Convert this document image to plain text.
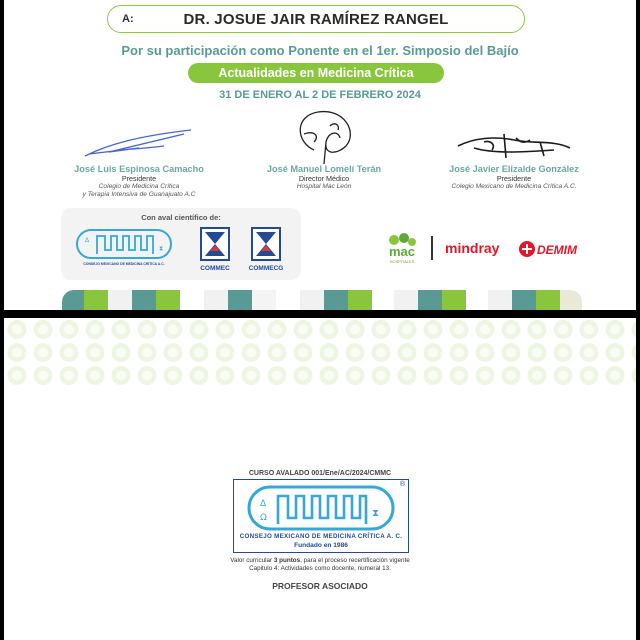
A:	DR. JOSUE JAIR RAMÍREZ RANGEL
Por su participación como Ponente en el 1er. Simposio del Bajío
Actualidades en Medicina Crítica
31 DE ENERO AL 2 DE FEBRERO 2024
José Luis Espinosa Camacho
Presidente
Colegio de Medicina Crítica
y Terapia Intensiva de Guanajuato A.C
José Manuel Lomelí Terán
Director Médico
Hospital Mac León
José Javier Elizalde González
Presidente
Colegio Mexicano de Medicina Crítica A.C.
Con aval científico de:
Δ
⧗
CONSEJO MEXICANO DE MEDICINA CRÍTICA A.C.
COMMEC	COMMECG
mac
HOSPITALES
mindray	DEMIM
CURSO AVALADO 001/Ene/AC/2024/CMMC
®
Δ
Ω	⧗
CONSEJO MEXICANO DE MEDICINA CRÍTICA A. C.
Fundado en 1986
Valor curricular 3 puntos, para el proceso recertificación vigente
Capitulo 4: Actividades como docente, numeral 13.
PROFESOR ASOCIADO
